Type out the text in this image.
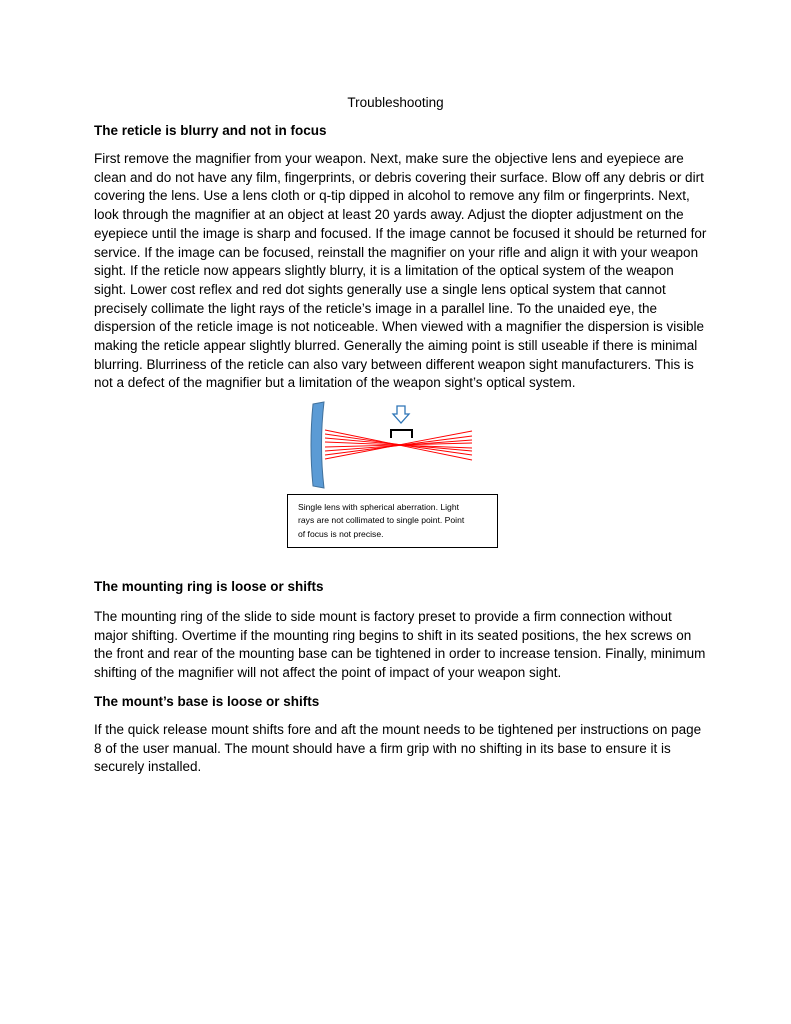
Troubleshooting
The reticle is blurry and not in focus

First remove the magnifier from your weapon. Next, make sure the objective lens and eyepiece are
clean and do not have any film, fingerprints, or debris covering their surface. Blow off any debris or dirt
covering the lens. Use a lens cloth or q-tip dipped in alcohol to remove any film or fingerprints. Next,
look through the magnifier at an object at least 20 yards away. Adjust the diopter adjustment on the
eyepiece until the image is sharp and focused. If the image cannot be focused it should be returned for
service. If the image can be focused, reinstall the magnifier on your rifle and align it with your weapon
sight. If the reticle now appears slightly blurry, it is a limitation of the optical system of the weapon
sight. Lower cost reflex and red dot sights generally use a single lens optical system that cannot
precisely collimate the light rays of the reticle’s image in a parallel line. To the unaided eye, the
dispersion of the reticle image is not noticeable. When viewed with a magnifier the dispersion is visible
making the reticle appear slightly blurred. Generally the aiming point is still useable if there is minimal
blurring. Blurriness of the reticle can also vary between different weapon sight manufacturers. This is
not a defect of the magnifier but a limitation of the weapon sight’s optical system.

Single lens with spherical aberration. Light
rays are not collimated to single point. Point
of focus is not precise.
The mounting ring is loose or shifts

The mounting ring of the slide to side mount is factory preset to provide a firm connection without
major shifting. Overtime if the mounting ring begins to shift in its seated positions, the hex screws on
the front and rear of the mounting base can be tightened in order to increase tension. Finally, minimum
shifting of the magnifier will not affect the point of impact of your weapon sight.

The mount’s base is loose or shifts

If the quick release mount shifts fore and aft the mount needs to be tightened per instructions on page
8 of the user manual. The mount should have a firm grip with no shifting in its base to ensure it is
securely installed.
